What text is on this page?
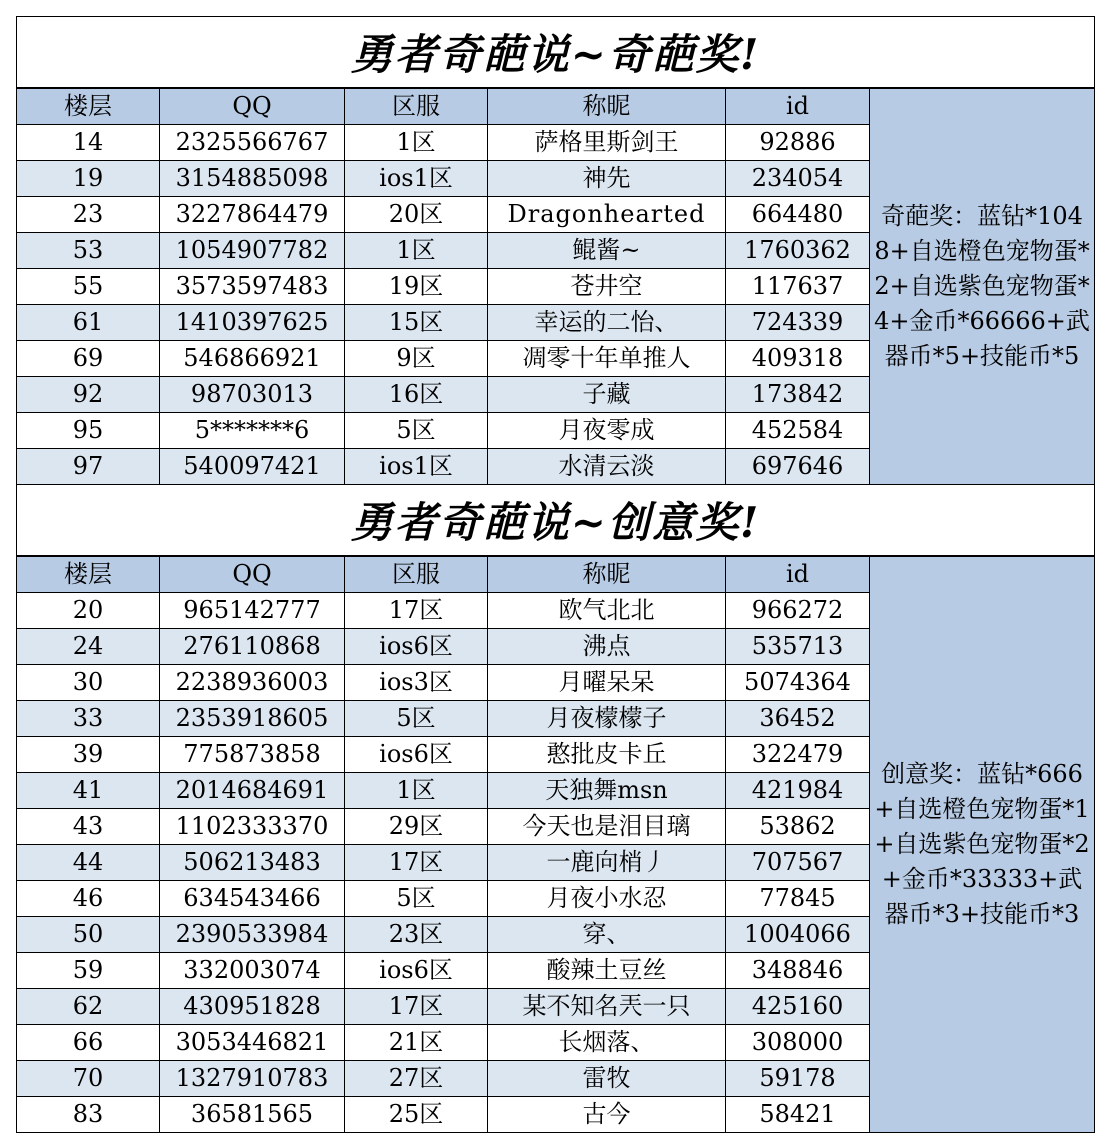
勇者奇葩说~奇葩奖!					
楼层	QQ	区服	称昵	id	奇葩奖：蓝钻*1048+自选橙色宠物蛋*2+自选紫色宠物蛋*4+金币*66666+武器币*5+技能币*5
14	2325566767	1区	萨格里斯剑王	92886	
19	3154885098	ios1区	神先	234054	
23	3227864479	20区	Dragonhearted	664480	
53	1054907782	1区	鲲酱~	1760362	
55	3573597483	19区	苍井空	117637	
61	1410397625	15区	幸运的二怡、	724339	
69	546866921	9区	凋零十年单推人	409318	
92	98703013	16区	子藏	173842	
95	5*******6	5区	月夜零成	452584	
97	540097421	ios1区	水清云淡	697646	
勇者奇葩说~创意奖!					
楼层	QQ	区服	称昵	id	创意奖：蓝钻*666+自选橙色宠物蛋*1+自选紫色宠物蛋*2+金币*33333+武器币*3+技能币*3
20	965142777	17区	欧气北北	966272	
24	276110868	ios6区	沸点	535713	
30	2238936003	ios3区	月曜呆呆	5074364	
33	2353918605	5区	月夜檬檬子	36452	
39	775873858	ios6区	憨批皮卡丘	322479	
41	2014684691	1区	天独舞msn	421984	
43	1102333370	29区	今天也是泪目璃	53862	
44	506213483	17区	一鹿向梢丿	707567	
46	634543466	5区	月夜小水忍	77845	
50	2390533984	23区	穿、	1004066	
59	332003074	ios6区	酸辣土豆丝	348846	
62	430951828	17区	某不知名兲一只	425160	
66	3053446821	21区	长烟落、	308000	
70	1327910783	27区	雷牧	59178	
83	36581565	25区	古今	58421	
